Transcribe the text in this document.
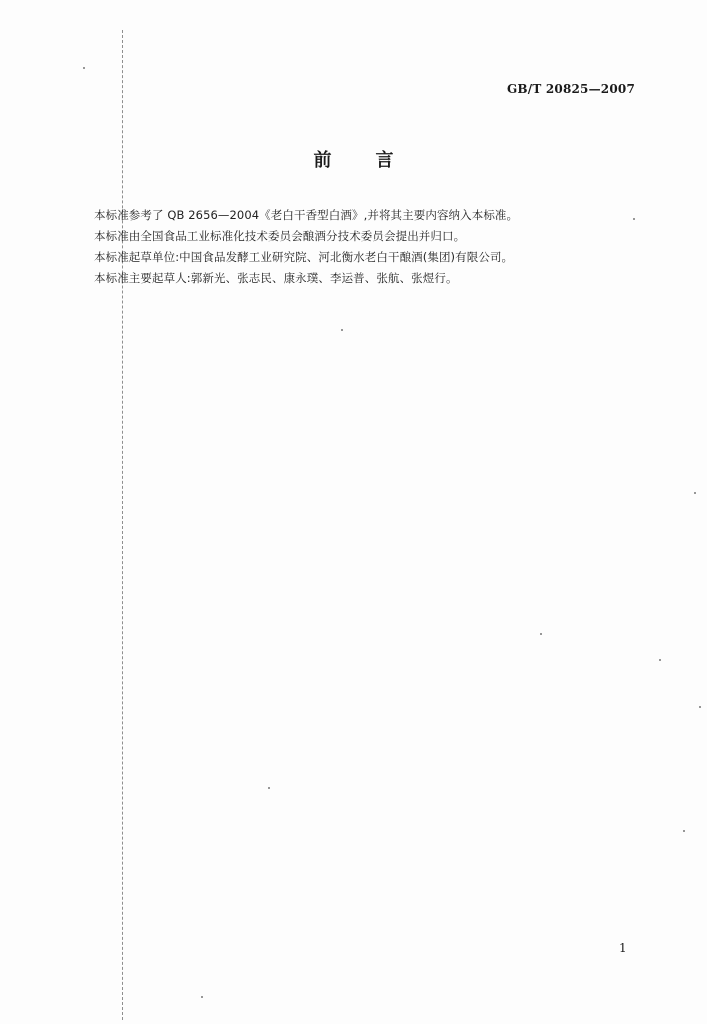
GB/T 20825—2007
前言
本标准参考了 QB 2656—2004《老白干香型白酒》,并将其主要内容纳入本标准。
本标准由全国食品工业标准化技术委员会酿酒分技术委员会提出并归口。
本标准起草单位:中国食品发酵工业研究院、河北衡水老白干酿酒(集团)有限公司。
本标准主要起草人:郭新光、张志民、康永璞、李运普、张航、张煜行。
1
